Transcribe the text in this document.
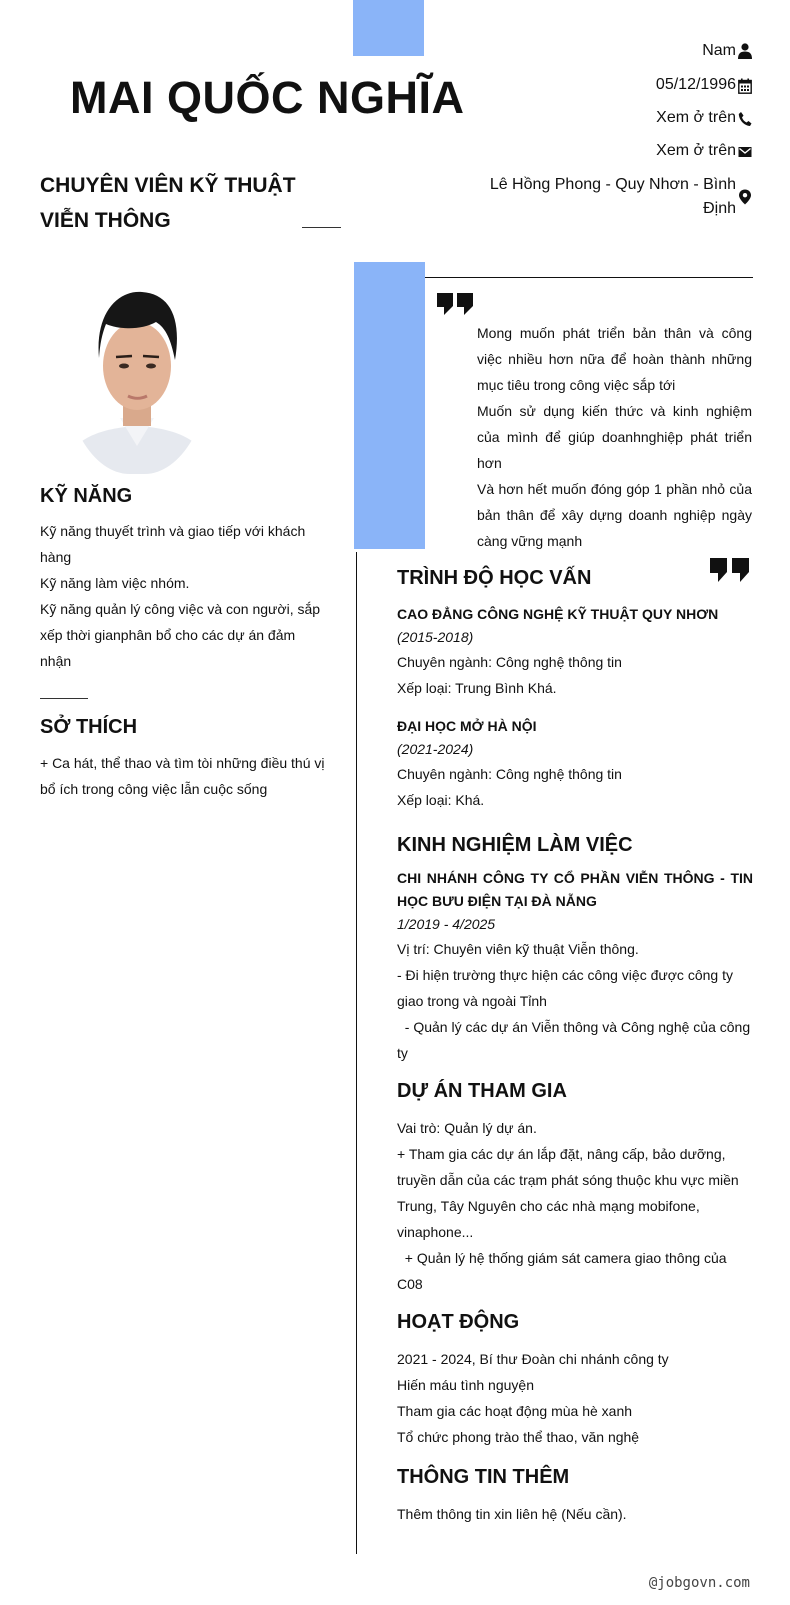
MAI QUỐC NGHĨA
CHUYÊN VIÊN KỸ THUẬT VIỄN THÔNG
Nam
05/12/1996
Xem ở trên
Xem ở trên
Lê Hồng Phong - Quy Nhơn - Bình Định

Mong muốn phát triển bản thân và công việc nhiều hơn nữa để hoàn thành những mục tiêu trong công việc sắp tới

Muốn sử dụng kiến thức và kinh nghiệm của mình để giúp doanhnghiệp phát triển hơn

Và hơn hết muốn đóng góp 1 phần nhỏ của bản thân để xây dựng doanh nghiệp ngày càng vững mạnh

KỸ NĂNG
Kỹ năng thuyết trình và giao tiếp với khách hàng
Kỹ năng làm việc nhóm.
Kỹ năng quản lý công việc và con người, sắp xếp thời gianphân bổ cho các dự án đảm nhận
SỞ THÍCH
+ Ca hát, thể thao và tìm tòi những điều thú vị bổ ích trong công việc lẫn cuộc sống
TRÌNH ĐỘ HỌC VẤN
CAO ĐẲNG CÔNG NGHỆ KỸ THUẬT QUY NHƠN
(2015-2018)
Chuyên ngành: Công nghệ thông tin
Xếp loại: Trung Bình Khá.
ĐẠI HỌC MỞ HÀ NỘI
(2021-2024)
Chuyên ngành: Công nghệ thông tin
Xếp loại: Khá.
KINH NGHIỆM LÀM VIỆC
CHI NHÁNH CÔNG TY CỔ PHẦN VIỄN THÔNG - TIN HỌC BƯU ĐIỆN TẠI ĐÀ NẴNG
1/2019 - 4/2025
Vị trí: Chuyên viên kỹ thuật Viễn thông.
- Đi hiện trường thực hiện các công việc được công ty giao trong và ngoài Tỉnh
- Quản lý các dự án Viễn thông và Công nghệ của công ty
DỰ ÁN THAM GIA
Vai trò: Quản lý dự án.
+ Tham gia các dự án lắp đặt, nâng cấp, bảo dưỡng, truyền dẫn của các trạm phát sóng thuộc khu vực miền Trung, Tây Nguyên cho các nhà mạng mobifone, vinaphone...
+ Quản lý hệ thống giám sát camera giao thông của C08
HOẠT ĐỘNG
2021 - 2024, Bí thư Đoàn chi nhánh công ty
Hiến máu tình nguyện
Tham gia các hoạt động mùa hè xanh
Tổ chức phong trào thể thao, văn nghệ
THÔNG TIN THÊM
Thêm thông tin xin liên hệ (Nếu cần).
@jobgovn.com
